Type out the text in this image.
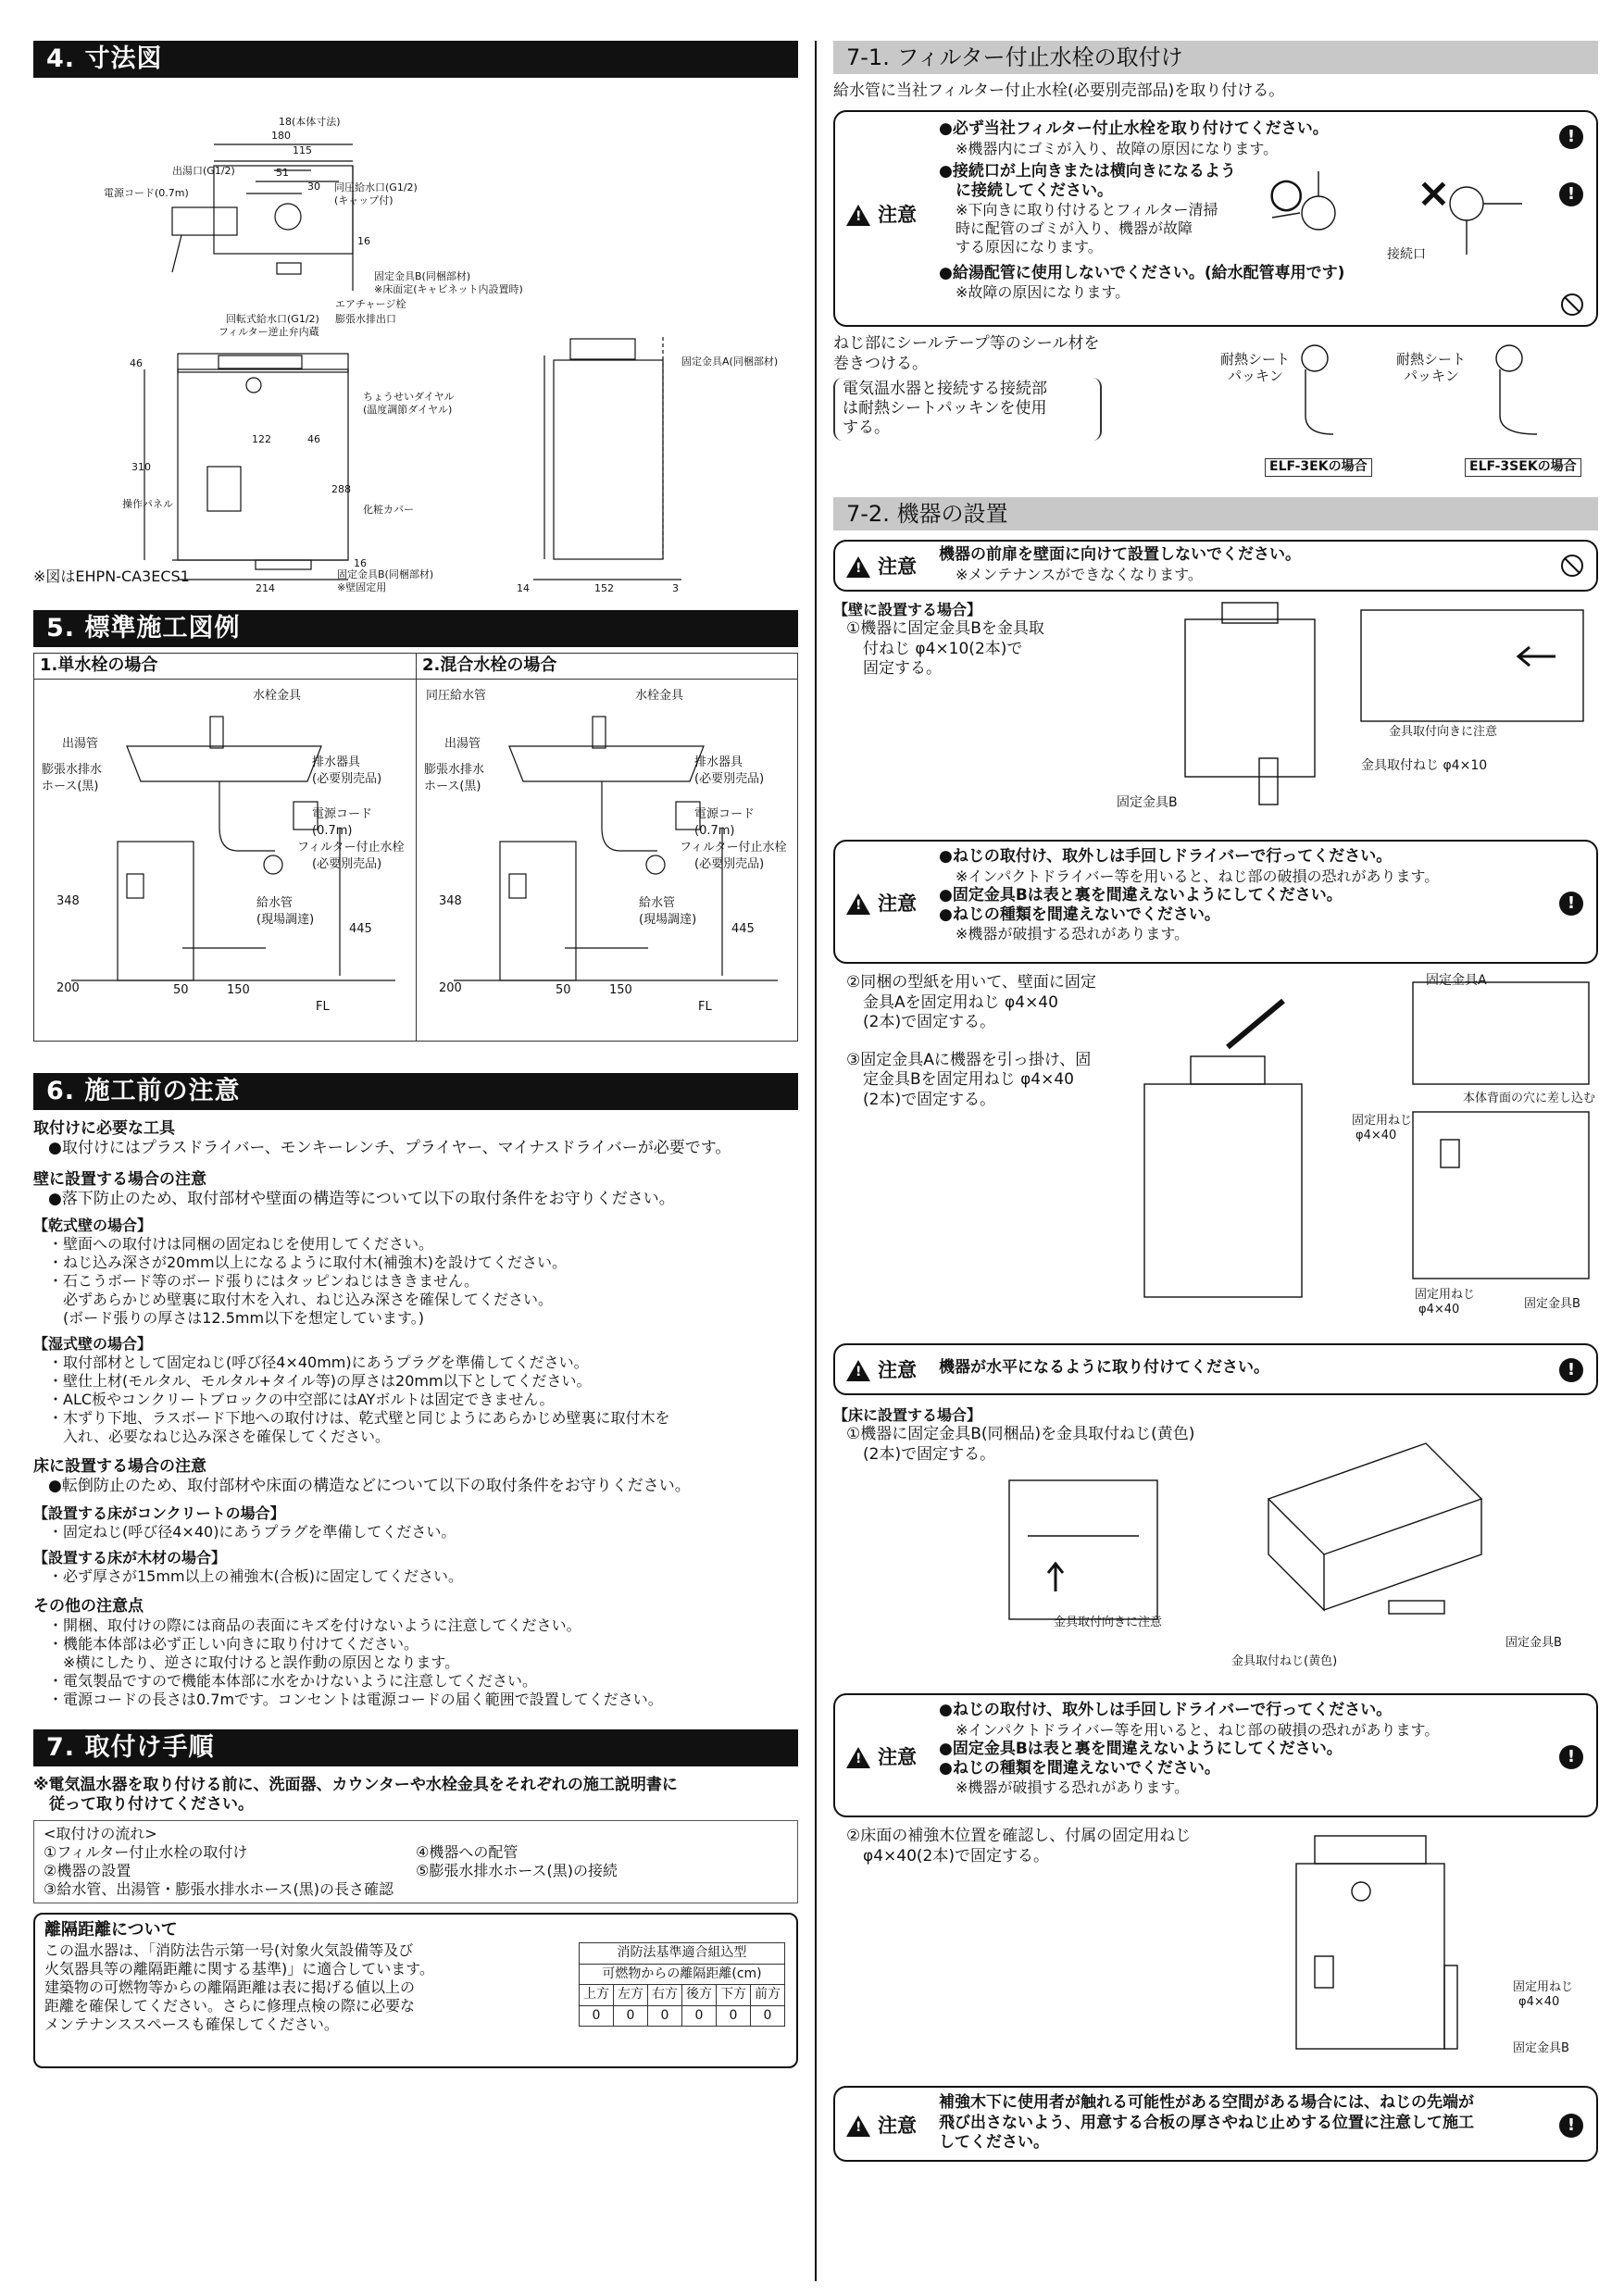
4. 寸法図
18(本体寸法)
180
115
51
30
16
出湯口(G1/2)
電源コード(0.7m)	同圧給水口(G1/2)
(キャップ付)
固定金具B(同梱部材)
※床面定(キャビネット内設置時)
エアチャージ栓
膨張水排出口
回転式給水口(G1/2)
フィルター逆止弁内蔵
46
ちょうせいダイヤル
(温度調節ダイヤル)
122	46
310
288
操作パネル	化粧カバー
固定金具B(同梱部材)
※壁固定用
16
214
固定金具A(同梱部材)
14	152	3
※図はEHPN-CA3ECS1
5. 標準施工図例
1.単水栓の場合
水栓金具
出湯管
膨張水排水
ホース(黒)
排水器具
(必要別売品)
電源コード
(0.7m)
フィルター付止水栓
(必要別売品)
給水管
(現場調達)
348
445
200	50	150
FL
2.混合水栓の場合
同圧給水管	水栓金具
出湯管
膨張水排水
ホース(黒)
排水器具
(必要別売品)
電源コード
(0.7m)
フィルター付止水栓
(必要別売品)
給水管
(現場調達)
348
445
200	50	150
FL
6. 施工前の注意
取付けに必要な工具
●取付けにはプラスドライバー、モンキーレンチ、プライヤー、マイナスドライバーが必要です。
壁に設置する場合の注意
●落下防止のため、取付部材や壁面の構造等について以下の取付条件をお守りください。
【乾式壁の場合】
・壁面への取付けは同梱の固定ねじを使用してください。
・ねじ込み深さが20mm以上になるように取付木(補強木)を設けてください。
・石こうボード等のボード張りにはタッピンねじはききません。
　必ずあらかじめ壁裏に取付木を入れ、ねじ込み深さを確保してください。
　(ボード張りの厚さは12.5mm以下を想定しています。)
【湿式壁の場合】
・取付部材として固定ねじ(呼び径4×40mm)にあうプラグを準備してください。
・壁仕上材(モルタル、モルタル+タイル等)の厚さは20mm以下としてください。
・ALC板やコンクリートブロックの中空部にはAYボルトは固定できません。
・木ずり下地、ラスボード下地への取付けは、乾式壁と同じようにあらかじめ壁裏に取付木を
　入れ、必要なねじ込み深さを確保してください。
床に設置する場合の注意
●転倒防止のため、取付部材や床面の構造などについて以下の取付条件をお守りください。
【設置する床がコンクリートの場合】
・固定ねじ(呼び径4×40)にあうプラグを準備してください。
【設置する床が木材の場合】
・必ず厚さが15mm以上の補強木(合板)に固定してください。
その他の注意点
・開梱、取付けの際には商品の表面にキズを付けないように注意してください。
・機能本体部は必ず正しい向きに取り付けてください。
　※横にしたり、逆さに取付けると誤作動の原因となります。
・電気製品ですので機能本体部に水をかけないように注意してください。
・電源コードの長さは0.7mです。コンセントは電源コードの届く範囲で設置してください。
7. 取付け手順
※電気温水器を取り付ける前に、洗面器、カウンターや水栓金具をそれぞれの施工説明書に
　従って取り付けてください。
<取付けの流れ>
①フィルター付止水栓の取付け	④機器への配管
②機器の設置	⑤膨張水排水ホース(黒)の接続
③給水管、出湯管・膨張水排水ホース(黒)の長さ確認
離隔距離について
この温水器は、「消防法告示第一号(対象火気設備等及び
火気器具等の離隔距離に関する基準)」に適合しています。
建築物の可燃物等からの離隔距離は表に掲げる値以上の
距離を確保してください。さらに修理点検の際に必要な
メンテナンススペースも確保してください。
消防法基準適合組込型					
可燃物からの離隔距離(cm)					
上方	左方	右方	後方	下方	前方
0	0	0	0	0	0
7-1. フィルター付止水栓の取付け
給水管に当社フィルター付止水栓(必要別売部品)を取り付ける。
!
注意
●必ず当社フィルター付止水栓を取り付けてください。
※機器内にゴミが入り、故障の原因になります。
●接続口が上向きまたは横向きになるよう
に接続してください。
※下向きに取り付けるとフィルター清掃
時に配管のゴミが入り、機器が故障
する原因になります。
●給湯配管に使用しないでください。(給水配管専用です)
※故障の原因になります。
○	×
接続口
!
!
ねじ部にシールテープ等のシール材を
巻きつける。
電気温水器と接続する接続部
は耐熱シートパッキンを使用
する。
耐熱シート
パッキン
耐熱シート
パッキン
ELF-3EKの場合	ELF-3SEKの場合
7-2. 機器の設置
!
注意
機器の前扉を壁面に向けて設置しないでください。
※メンテナンスができなくなります。
【壁に設置する場合】
①機器に固定金具Bを金具取
付ねじ φ4×10(2本)で
固定する。
金具取付向きに注意
金具取付ねじ φ4×10
固定金具B
!
注意
●ねじの取付け、取外しは手回しドライバーで行ってください。
※インパクトドライバー等を用いると、ねじ部の破損の恐れがあります。
●固定金具Bは表と裏を間違えないようにしてください。
●ねじの種類を間違えないでください。
※機器が破損する恐れがあります。
!
②同梱の型紙を用いて、壁面に固定
金具Aを固定用ねじ φ4×40
(2本)で固定する。
③固定金具Aに機器を引っ掛け、固
定金具Bを固定用ねじ φ4×40
(2本)で固定する。
固定金具A
本体背面の穴に差し込む
固定用ねじ
φ4×40
固定用ねじ
φ4×40	固定金具B
!
注意 機器が水平になるように取り付けてください。	!
【床に設置する場合】
①機器に固定金具B(同梱品)を金具取付ねじ(黄色)
(2本)で固定する。
金具取付向きに注意
金具取付ねじ(黄色)
固定金具B
!
注意
●ねじの取付け、取外しは手回しドライバーで行ってください。
※インパクトドライバー等を用いると、ねじ部の破損の恐れがあります。
●固定金具Bは表と裏を間違えないようにしてください。
●ねじの種類を間違えないでください。
※機器が破損する恐れがあります。
!
②床面の補強木位置を確認し、付属の固定用ねじ
φ4×40(2本)で固定する。
固定用ねじ
φ4×40
固定金具B
!
注意
補強木下に使用者が触れる可能性がある空間がある場合には、ねじの先端が
飛び出さないよう、用意する合板の厚さやねじ止めする位置に注意して施工
してください。
!
